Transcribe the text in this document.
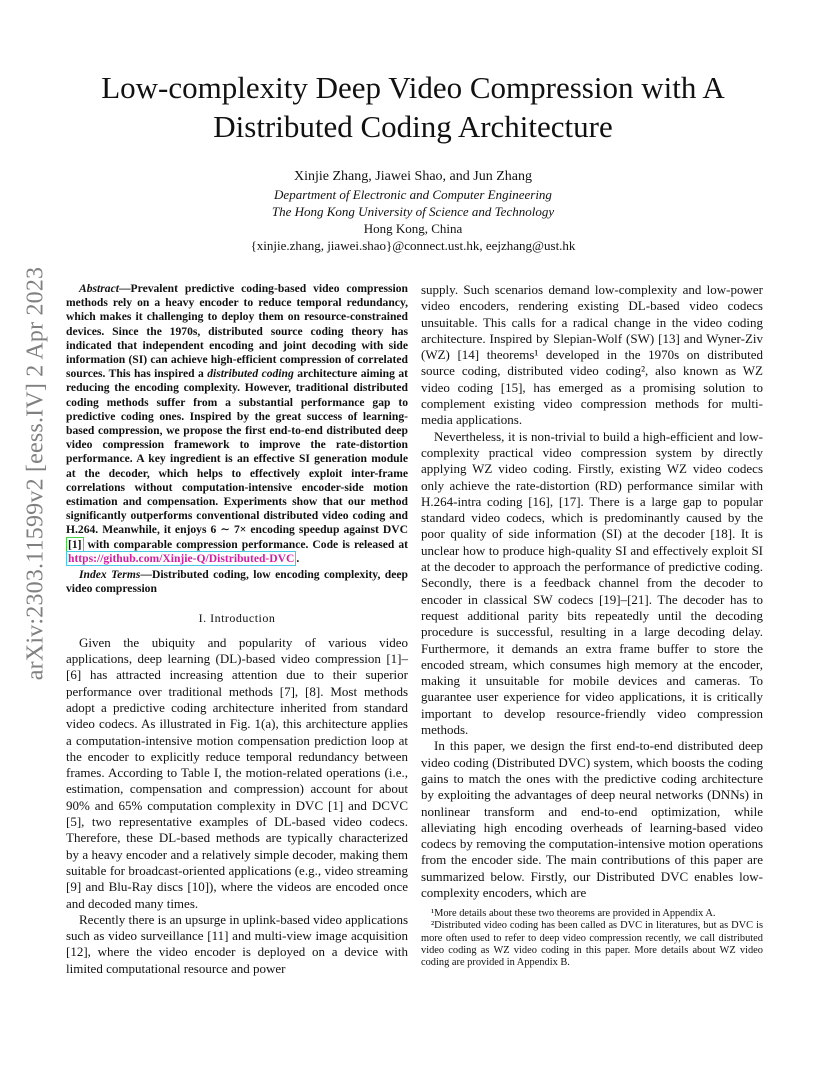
arXiv:2303.11599v2 [eess.IV] 2 Apr 2023
Low-complexity Deep Video Compression with A
Distributed Coding Architecture
Xinjie Zhang, Jiawei Shao, and Jun Zhang
Department of Electronic and Computer Engineering
The Hong Kong University of Science and Technology
Hong Kong, China
{xinjie.zhang, jiawei.shao}@connect.ust.hk, eejzhang@ust.hk

Abstract—Prevalent predictive coding-based video compression methods rely on a heavy encoder to reduce temporal redundancy, which makes it challenging to deploy them on resource-constrained devices. Since the 1970s, distributed source coding theory has indicated that independent encoding and joint decoding with side information (SI) can achieve high-efficient compression of correlated sources. This has inspired a distributed coding architecture aiming at reducing the encoding complexity. However, traditional distributed coding methods suffer from a substantial performance gap to predictive coding ones. Inspired by the great success of learning-based compression, we propose the first end-to-end distributed deep video compression framework to improve the rate-distortion performance. A key ingredient is an effective SI generation module at the decoder, which helps to effectively exploit inter-frame correlations without computation-intensive encoder-side motion estimation and compensation. Experiments show that our method significantly outperforms conventional distributed video coding and H.264. Meanwhile, it enjoys 6 ∼ 7× encoding speedup against DVC [1] with comparable compression performance. Code is released at https://github.com/Xinjie-Q/Distributed-DVC .

Index Terms—Distributed coding, low encoding complexity, deep video compression

I. Introduction

Given the ubiquity and popularity of various video applications, deep learning (DL)-based video compression [1]–[6] has attracted increasing attention due to their superior performance over traditional methods [7], [8]. Most methods adopt a predictive coding architecture inherited from standard video codecs. As illustrated in Fig. 1(a), this architecture applies a computation-intensive motion compensation prediction loop at the encoder to explicitly reduce temporal redundancy between frames. According to Table I, the motion-related operations (i.e., estimation, compensation and compression) account for about 90% and 65% computation complexity in DVC [1] and DCVC [5], two representative examples of DL-based video codecs. Therefore, these DL-based methods are typically characterized by a heavy encoder and a relatively simple decoder, making them suitable for broadcast-oriented applications (e.g., video streaming [9] and Blu-Ray discs [10]), where the videos are encoded once and decoded many times.

Recently there is an upsurge in uplink-based video applications such as video surveillance [11] and multi-view image acquisition [12], where the video encoder is deployed on a device with limited computational resource and power

supply. Such scenarios demand low-complexity and low-power video encoders, rendering existing DL-based video codecs unsuitable. This calls for a radical change in the video coding architecture. Inspired by Slepian-Wolf (SW) [13] and Wyner-Ziv (WZ) [14] theorems¹ developed in the 1970s on distributed source coding, distributed video coding², also known as WZ video coding [15], has emerged as a promising solution to complement existing video compression methods for multi-media applications.

Nevertheless, it is non-trivial to build a high-efficient and low-complexity practical video compression system by directly applying WZ video coding. Firstly, existing WZ video codecs only achieve the rate-distortion (RD) performance similar with H.264-intra coding [16], [17]. There is a large gap to popular standard video codecs, which is predominantly caused by the poor quality of side information (SI) at the decoder [18]. It is unclear how to produce high-quality SI and effectively exploit SI at the decoder to approach the performance of predictive coding. Secondly, there is a feedback channel from the decoder to encoder in classical SW codecs [19]–[21]. The decoder has to request additional parity bits repeatedly until the decoding procedure is successful, resulting in a large decoding delay. Furthermore, it demands an extra frame buffer to store the encoded stream, which consumes high memory at the encoder, making it unsuitable for mobile devices and cameras. To guarantee user experience for video applications, it is critically important to develop resource-friendly video compression methods.

In this paper, we design the first end-to-end distributed deep video coding (Distributed DVC) system, which boosts the coding gains to match the ones with the predictive coding architecture by exploiting the advantages of deep neural networks (DNNs) in nonlinear transform and end-to-end optimization, while alleviating high encoding overheads of learning-based video codecs by removing the computation-intensive motion operations from the encoder side. The main contributions of this paper are summarized below. Firstly, our Distributed DVC enables low-complexity encoders, which are

¹More details about these two theorems are provided in Appendix A.

²Distributed video coding has been called as DVC in literatures, but as DVC is more often used to refer to deep video compression recently, we call distributed video coding as WZ video coding in this paper. More details about WZ video coding are provided in Appendix B.
